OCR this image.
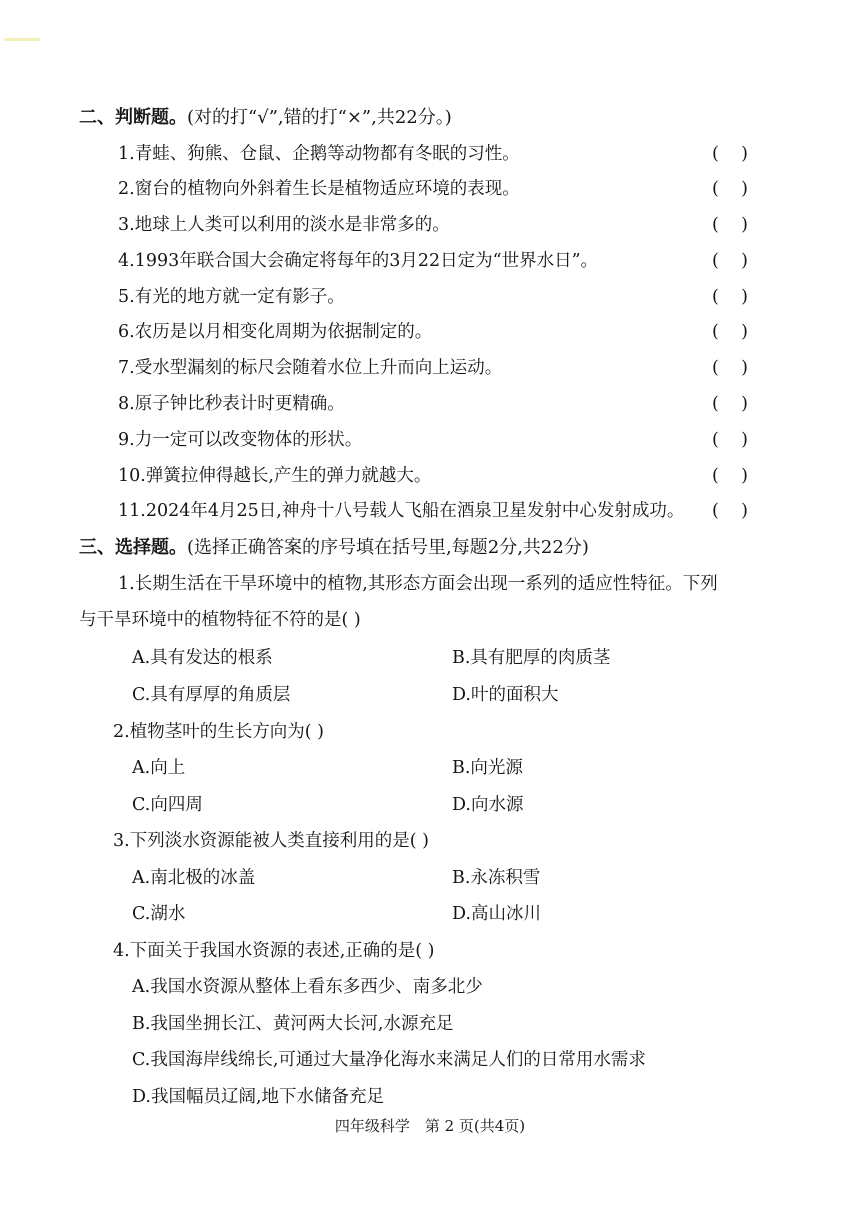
二、判断题。(对的打“√”,错的打“×”,共22分。)
1.青蛙、狗熊、仓鼠、企鹅等动物都有冬眠的习性。	(    )
2.窗台的植物向外斜着生长是植物适应环境的表现。	(    )
3.地球上人类可以利用的淡水是非常多的。	(    )
4.1993年联合国大会确定将每年的3月22日定为“世界水日”。	(    )
5.有光的地方就一定有影子。	(    )
6.农历是以月相变化周期为依据制定的。	(    )
7.受水型漏刻的标尺会随着水位上升而向上运动。	(    )
8.原子钟比秒表计时更精确。	(    )
9.力一定可以改变物体的形状。	(    )
10.弹簧拉伸得越长,产生的弹力就越大。	(    )
11.2024年4月25日,神舟十八号载人飞船在酒泉卫星发射中心发射成功。 (    )
三、选择题。(选择正确答案的序号填在括号里,每题2分,共22分)
1.长期生活在干旱环境中的植物,其形态方面会出现一系列的适应性特征。下列
与干旱环境中的植物特征不符的是( )
A.具有发达的根系	B.具有肥厚的肉质茎
C.具有厚厚的角质层	D.叶的面积大
2.植物茎叶的生长方向为( )
A.向上	B.向光源
C.向四周	D.向水源
3.下列淡水资源能被人类直接利用的是( )
A.南北极的冰盖	B.永冻积雪
C.湖水	D.高山冰川
4.下面关于我国水资源的表述,正确的是( )
A.我国水资源从整体上看东多西少、南多北少
B.我国坐拥长江、黄河两大长河,水源充足
C.我国海岸线绵长,可通过大量净化海水来满足人们的日常用水需求
D.我国幅员辽阔,地下水储备充足
四年级科学　第 2 页(共4页)
